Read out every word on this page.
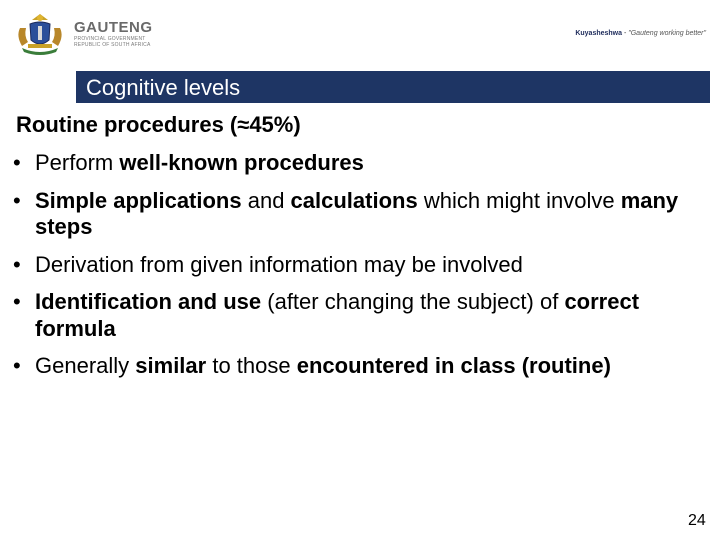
GAUTENG
PROVINCIAL GOVERNMENT
REPUBLIC OF SOUTH AFRICA
Kuyasheshwa - "Gauteng working better"
Cognitive levels
Routine procedures (≈45%)
• Perform well-known procedures
• Simple applications and calculations which might involve many steps
• Derivation from given information may be involved
• Identification and use (after changing the subject) of correct formula
• Generally similar to those encountered in class (routine)
24
